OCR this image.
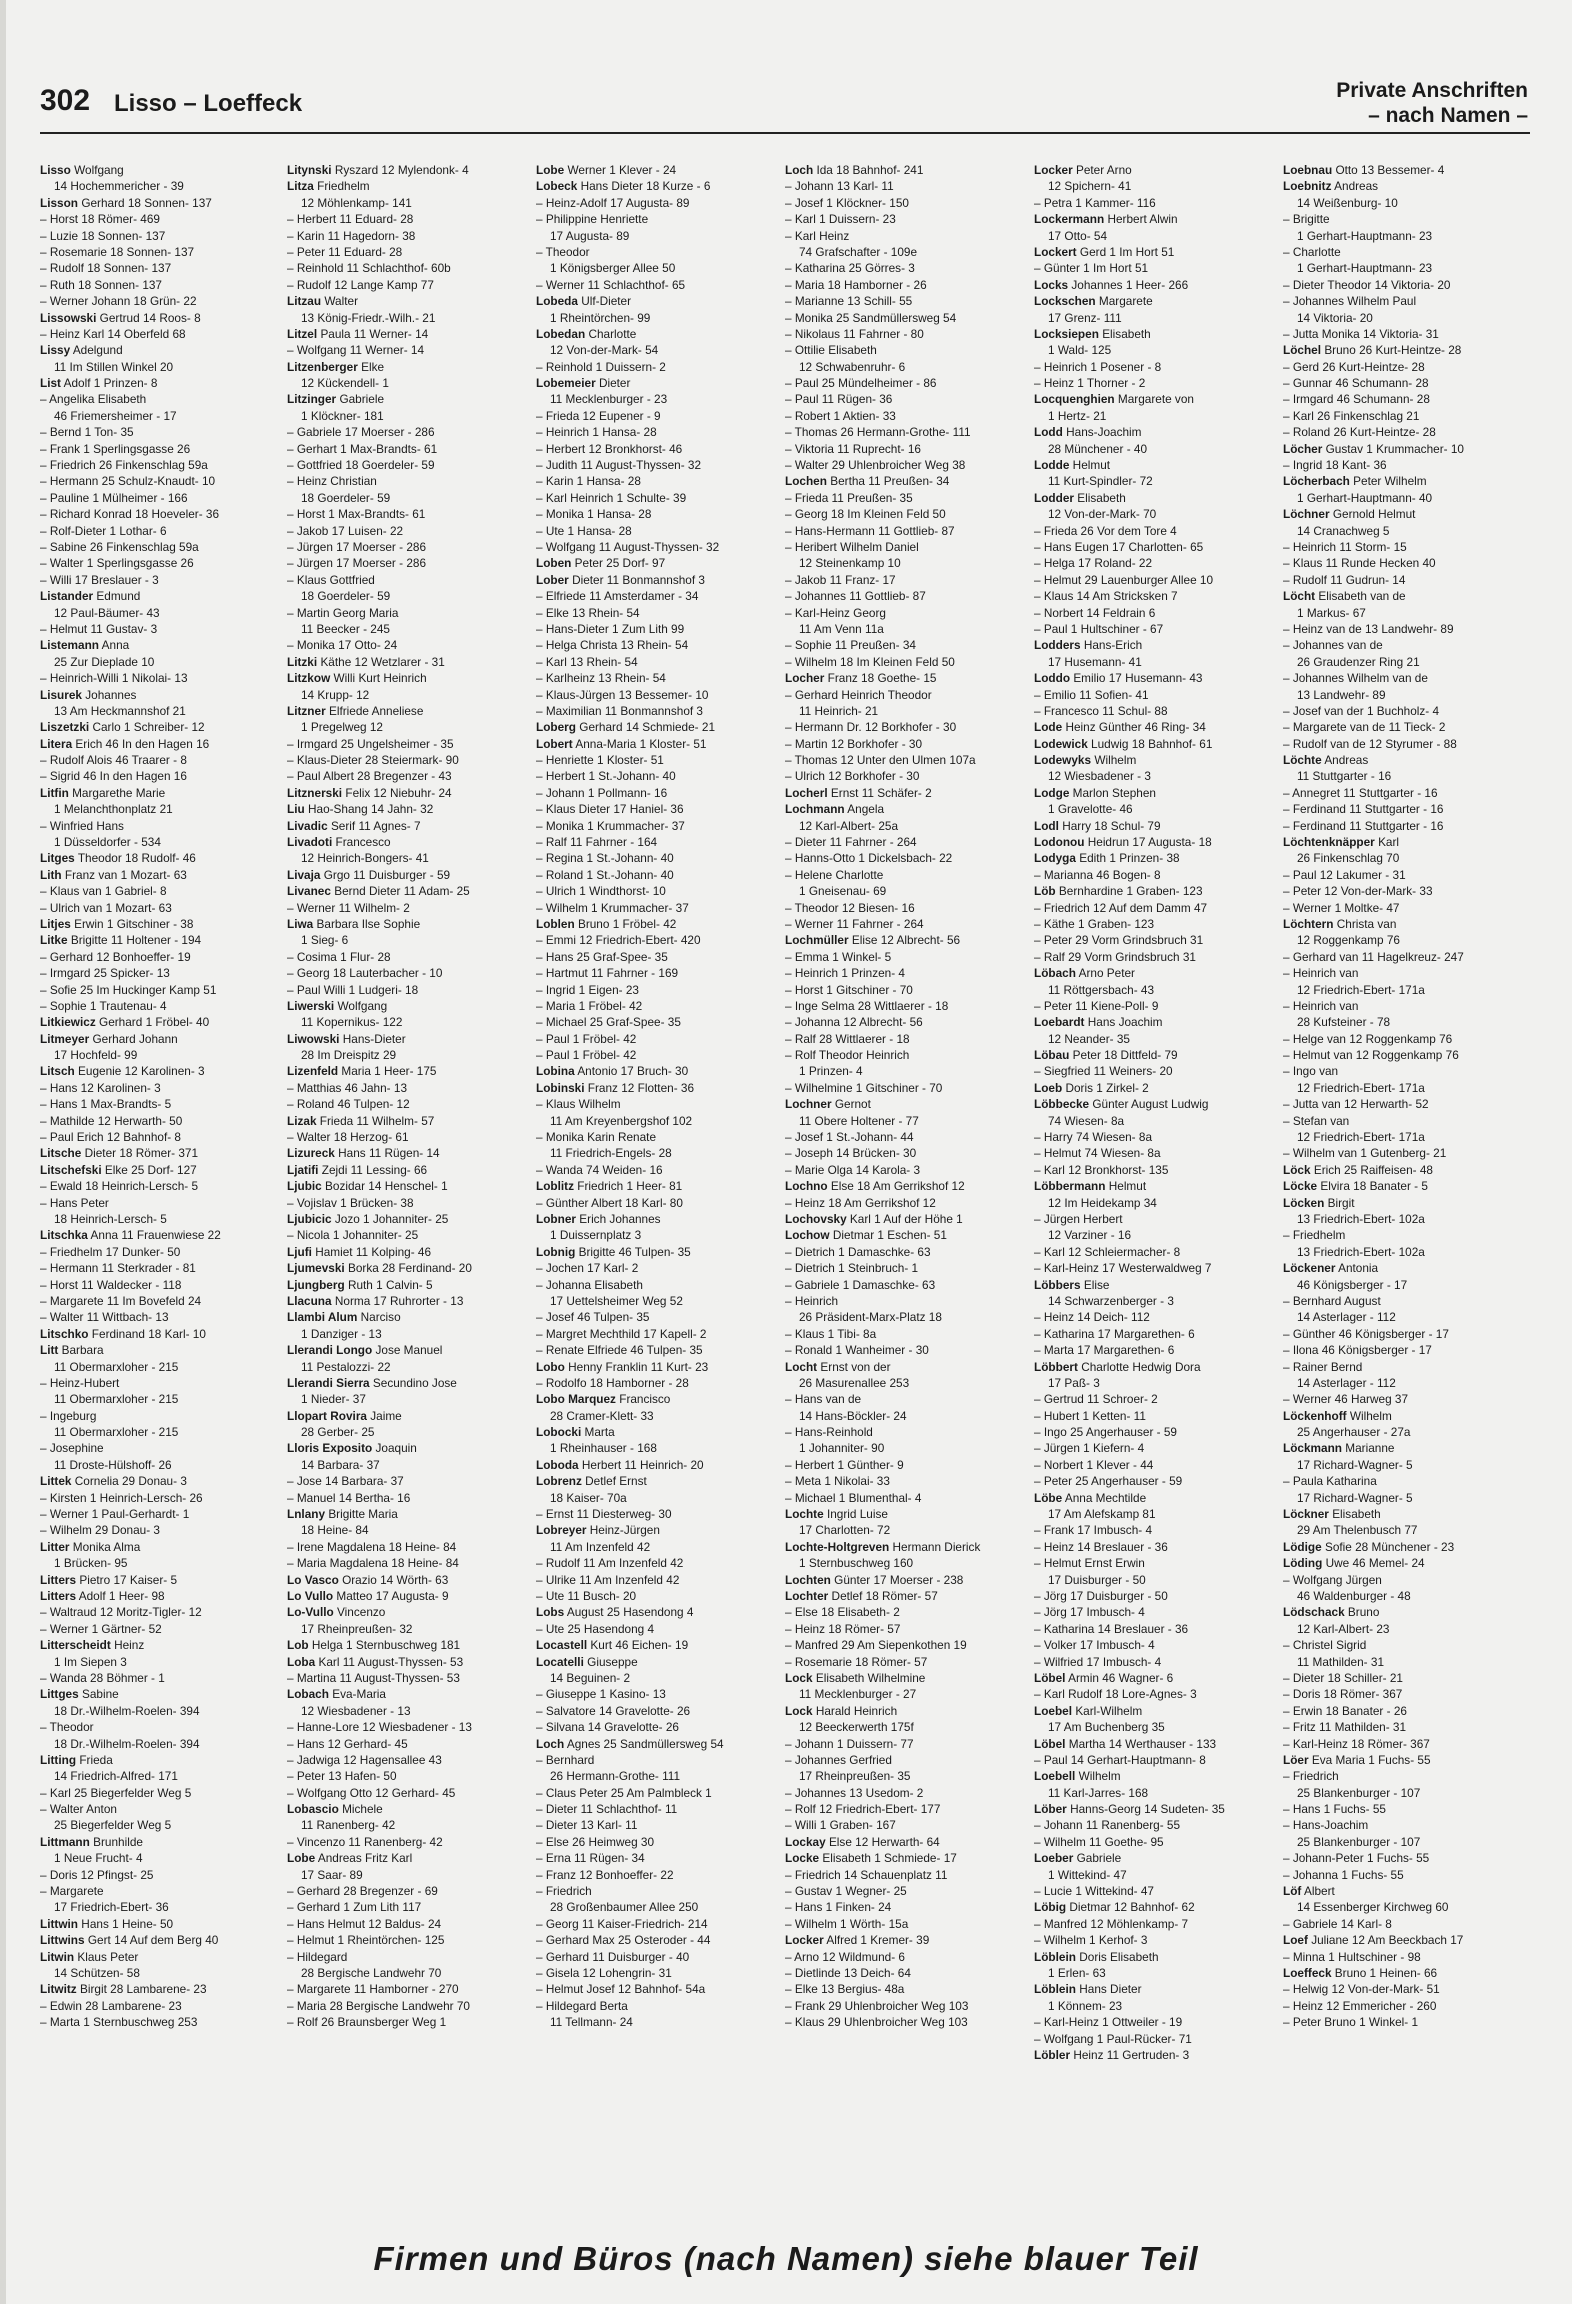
302 Lisso – Loeffeck	Private Anschriften
– nach Namen –
Lisso Wolfgang
14 Hochemmericher - 39
Lisson Gerhard 18 Sonnen- 137
– Horst 18 Römer- 469
– Luzie 18 Sonnen- 137
– Rosemarie 18 Sonnen- 137
– Rudolf 18 Sonnen- 137
– Ruth 18 Sonnen- 137
– Werner Johann 18 Grün- 22
Lissowski Gertrud 14 Roos- 8
– Heinz Karl 14 Oberfeld 68
Lissy Adelgund
11 Im Stillen Winkel 20
List Adolf 1 Prinzen- 8
– Angelika Elisabeth
46 Friemersheimer - 17
– Bernd 1 Ton- 35
– Frank 1 Sperlingsgasse 26
– Friedrich 26 Finkenschlag 59a
– Hermann 25 Schulz-Knaudt- 10
– Pauline 1 Mülheimer - 166
– Richard Konrad 18 Hoeveler- 36
– Rolf-Dieter 1 Lothar- 6
– Sabine 26 Finkenschlag 59a
– Walter 1 Sperlingsgasse 26
– Willi 17 Breslauer - 3
Listander Edmund
12 Paul-Bäumer- 43
– Helmut 11 Gustav- 3
Listemann Anna
25 Zur Dieplade 10
– Heinrich-Willi 1 Nikolai- 13
Lisurek Johannes
13 Am Heckmannshof 21
Liszetzki Carlo 1 Schreiber- 12
Litera Erich 46 In den Hagen 16
– Rudolf Alois 46 Traarer - 8
– Sigrid 46 In den Hagen 16
Litfin Margarethe Marie
1 Melanchthonplatz 21
– Winfried Hans
1 Düsseldorfer - 534
Litges Theodor 18 Rudolf- 46
Lith Franz van 1 Mozart- 63
– Klaus van 1 Gabriel- 8
– Ulrich van 1 Mozart- 63
Litjes Erwin 1 Gitschiner - 38
Litke Brigitte 11 Holtener - 194
– Gerhard 12 Bonhoeffer- 19
– Irmgard 25 Spicker- 13
– Sofie 25 Im Huckinger Kamp 51
– Sophie 1 Trautenau- 4
Litkiewicz Gerhard 1 Fröbel- 40
Litmeyer Gerhard Johann
17 Hochfeld- 99
Litsch Eugenie 12 Karolinen- 3
– Hans 12 Karolinen- 3
– Hans 1 Max-Brandts- 5
– Mathilde 12 Herwarth- 50
– Paul Erich 12 Bahnhof- 8
Litsche Dieter 18 Römer- 371
Litschefski Elke 25 Dorf- 127
– Ewald 18 Heinrich-Lersch- 5
– Hans Peter
18 Heinrich-Lersch- 5
Litschka Anna 11 Frauenwiese 22
– Friedhelm 17 Dunker- 50
– Hermann 11 Sterkrader - 81
– Horst 11 Waldecker - 118
– Margarete 11 Im Bovefeld 24
– Walter 11 Wittbach- 13
Litschko Ferdinand 18 Karl- 10
Litt Barbara
11 Obermarxloher - 215
– Heinz-Hubert
11 Obermarxloher - 215
– Ingeburg
11 Obermarxloher - 215
– Josephine
11 Droste-Hülshoff- 26
Littek Cornelia 29 Donau- 3
– Kirsten 1 Heinrich-Lersch- 26
– Werner 1 Paul-Gerhardt- 1
– Wilhelm 29 Donau- 3
Litter Monika Alma
1 Brücken- 95
Litters Pietro 17 Kaiser- 5
Litters Adolf 1 Heer- 98
– Waltraud 12 Moritz-Tigler- 12
– Werner 1 Gärtner- 52
Litterscheidt Heinz
1 Im Siepen 3
– Wanda 28 Böhmer - 1
Littges Sabine
18 Dr.-Wilhelm-Roelen- 394
– Theodor
18 Dr.-Wilhelm-Roelen- 394
Litting Frieda
14 Friedrich-Alfred- 171
– Karl 25 Biegerfelder Weg 5
– Walter Anton
25 Biegerfelder Weg 5
Littmann Brunhilde
1 Neue Frucht- 4
– Doris 12 Pfingst- 25
– Margarete
17 Friedrich-Ebert- 36
Littwin Hans 1 Heine- 50
Littwins Gert 14 Auf dem Berg 40
Litwin Klaus Peter
14 Schützen- 58
Litwitz Birgit 28 Lambarene- 23
– Edwin 28 Lambarene- 23
– Marta 1 Sternbuschweg 253
Litynski Ryszard 12 Mylendonk- 4
Litza Friedhelm
12 Möhlenkamp- 141
– Herbert 11 Eduard- 28
– Karin 11 Hagedorn- 38
– Peter 11 Eduard- 28
– Reinhold 11 Schlachthof- 60b
– Rudolf 12 Lange Kamp 77
Litzau Walter
13 König-Friedr.-Wilh.- 21
Litzel Paula 11 Werner- 14
– Wolfgang 11 Werner- 14
Litzenberger Elke
12 Kückendell- 1
Litzinger Gabriele
1 Klöckner- 181
– Gabriele 17 Moerser - 286
– Gerhart 1 Max-Brandts- 61
– Gottfried 18 Goerdeler- 59
– Heinz Christian
18 Goerdeler- 59
– Horst 1 Max-Brandts- 61
– Jakob 17 Luisen- 22
– Jürgen 17 Moerser - 286
– Jürgen 17 Moerser - 286
– Klaus Gottfried
18 Goerdeler- 59
– Martin Georg Maria
11 Beecker - 245
– Monika 17 Otto- 24
Litzki Käthe 12 Wetzlarer - 31
Litzkow Willi Kurt Heinrich
14 Krupp- 12
Litzner Elfriede Anneliese
1 Pregelweg 12
– Irmgard 25 Ungelsheimer - 35
– Klaus-Dieter 28 Steiermark- 90
– Paul Albert 28 Bregenzer - 43
Litznerski Felix 12 Niebuhr- 24
Liu Hao-Shang 14 Jahn- 32
Livadic Serif 11 Agnes- 7
Livadoti Francesco
12 Heinrich-Bongers- 41
Livaja Grgo 11 Duisburger - 59
Livanec Bernd Dieter 11 Adam- 25
– Werner 11 Wilhelm- 2
Liwa Barbara Ilse Sophie
1 Sieg- 6
– Cosima 1 Flur- 28
– Georg 18 Lauterbacher - 10
– Paul Willi 1 Ludgeri- 18
Liwerski Wolfgang
11 Kopernikus- 122
Liwowski Hans-Dieter
28 Im Dreispitz 29
Lizenfeld Maria 1 Heer- 175
– Matthias 46 Jahn- 13
– Roland 46 Tulpen- 12
Lizak Frieda 11 Wilhelm- 57
– Walter 18 Herzog- 61
Lizureck Hans 11 Rügen- 14
Ljatifi Zejdi 11 Lessing- 66
Ljubic Bozidar 14 Henschel- 1
– Vojislav 1 Brücken- 38
Ljubicic Jozo 1 Johanniter- 25
– Nicola 1 Johanniter- 25
Ljufi Hamiet 11 Kolping- 46
Ljumevski Borka 28 Ferdinand- 20
Ljungberg Ruth 1 Calvin- 5
Llacuna Norma 17 Ruhrorter - 13
Llambi Alum Narciso
1 Danziger - 13
Llerandi Longo Jose Manuel
11 Pestalozzi- 22
Llerandi Sierra Secundino Jose
1 Nieder- 37
Llopart Rovira Jaime
28 Gerber- 25
Lloris Exposito Joaquin
14 Barbara- 37
– Jose 14 Barbara- 37
– Manuel 14 Bertha- 16
Lnlany Brigitte Maria
18 Heine- 84
– Irene Magdalena 18 Heine- 84
– Maria Magdalena 18 Heine- 84
Lo Vasco Orazio 14 Wörth- 63
Lo Vullo Matteo 17 Augusta- 9
Lo-Vullo Vincenzo
17 Rheinpreußen- 32
Lob Helga 1 Sternbuschweg 181
Loba Karl 11 August-Thyssen- 53
– Martina 11 August-Thyssen- 53
Lobach Eva-Maria
12 Wiesbadener - 13
– Hanne-Lore 12 Wiesbadener - 13
– Hans 12 Gerhard- 45
– Jadwiga 12 Hagensallee 43
– Peter 13 Hafen- 50
– Wolfgang Otto 12 Gerhard- 45
Lobascio Michele
11 Ranenberg- 42
– Vincenzo 11 Ranenberg- 42
Lobe Andreas Fritz Karl
17 Saar- 89
– Gerhard 28 Bregenzer - 69
– Gerhard 1 Zum Lith 117
– Hans Helmut 12 Baldus- 24
– Helmut 1 Rheintörchen- 125
– Hildegard
28 Bergische Landwehr 70
– Margarete 11 Hamborner - 270
– Maria 28 Bergische Landwehr 70
– Rolf 26 Braunsberger Weg 1
Lobe Werner 1 Klever - 24
Lobeck Hans Dieter 18 Kurze - 6
– Heinz-Adolf 17 Augusta- 89
– Philippine Henriette
17 Augusta- 89
– Theodor
1 Königsberger Allee 50
– Werner 11 Schlachthof- 65
Lobeda Ulf-Dieter
1 Rheintörchen- 99
Lobedan Charlotte
12 Von-der-Mark- 54
– Reinhold 1 Duissern- 2
Lobemeier Dieter
11 Mecklenburger - 23
– Frieda 12 Eupener - 9
– Heinrich 1 Hansa- 28
– Herbert 12 Bronkhorst- 46
– Judith 11 August-Thyssen- 32
– Karin 1 Hansa- 28
– Karl Heinrich 1 Schulte- 39
– Monika 1 Hansa- 28
– Ute 1 Hansa- 28
– Wolfgang 11 August-Thyssen- 32
Loben Peter 25 Dorf- 97
Lober Dieter 11 Bonmannshof 3
– Elfriede 11 Amsterdamer - 34
– Elke 13 Rhein- 54
– Hans-Dieter 1 Zum Lith 99
– Helga Christa 13 Rhein- 54
– Karl 13 Rhein- 54
– Karlheinz 13 Rhein- 54
– Klaus-Jürgen 13 Bessemer- 10
– Maximilian 11 Bonmannshof 3
Loberg Gerhard 14 Schmiede- 21
Lobert Anna-Maria 1 Kloster- 51
– Henriette 1 Kloster- 51
– Herbert 1 St.-Johann- 40
– Johann 1 Pollmann- 16
– Klaus Dieter 17 Haniel- 36
– Monika 1 Krummacher- 37
– Ralf 11 Fahrner - 164
– Regina 1 St.-Johann- 40
– Roland 1 St.-Johann- 40
– Ulrich 1 Windthorst- 10
– Wilhelm 1 Krummacher- 37
Loblen Bruno 1 Fröbel- 42
– Emmi 12 Friedrich-Ebert- 420
– Hans 25 Graf-Spee- 35
– Hartmut 11 Fahrner - 169
– Ingrid 1 Eigen- 23
– Maria 1 Fröbel- 42
– Michael 25 Graf-Spee- 35
– Paul 1 Fröbel- 42
– Paul 1 Fröbel- 42
Lobina Antonio 17 Bruch- 30
Lobinski Franz 12 Flotten- 36
– Klaus Wilhelm
11 Am Kreyenbergshof 102
– Monika Karin Renate
11 Friedrich-Engels- 28
– Wanda 74 Weiden- 16
Loblitz Friedrich 1 Heer- 81
– Günther Albert 18 Karl- 80
Lobner Erich Johannes
1 Duissernplatz 3
Lobnig Brigitte 46 Tulpen- 35
– Jochen 17 Karl- 2
– Johanna Elisabeth
17 Uettelsheimer Weg 52
– Josef 46 Tulpen- 35
– Margret Mechthild 17 Kapell- 2
– Renate Elfriede 46 Tulpen- 35
Lobo Henny Franklin 11 Kurt- 23
– Rodolfo 18 Hamborner - 28
Lobo Marquez Francisco
28 Cramer-Klett- 33
Lobocki Marta
1 Rheinhauser - 168
Loboda Herbert 11 Heinrich- 20
Lobrenz Detlef Ernst
18 Kaiser- 70a
– Ernst 11 Diesterweg- 30
Lobreyer Heinz-Jürgen
11 Am Inzenfeld 42
– Rudolf 11 Am Inzenfeld 42
– Ulrike 11 Am Inzenfeld 42
– Ute 11 Busch- 20
Lobs August 25 Hasendong 4
– Ute 25 Hasendong 4
Locastell Kurt 46 Eichen- 19
Locatelli Giuseppe
14 Beguinen- 2
– Giuseppe 1 Kasino- 13
– Salvatore 14 Gravelotte- 26
– Silvana 14 Gravelotte- 26
Loch Agnes 25 Sandmüllersweg 54
– Bernhard
26 Hermann-Grothe- 111
– Claus Peter 25 Am Palmbleck 1
– Dieter 11 Schlachthof- 11
– Dieter 13 Karl- 11
– Else 26 Heimweg 30
– Erna 11 Rügen- 34
– Franz 12 Bonhoeffer- 22
– Friedrich
28 Großenbaumer Allee 250
– Georg 11 Kaiser-Friedrich- 214
– Gerhard Max 25 Osteroder - 44
– Gerhard 11 Duisburger - 40
– Gisela 12 Lohengrin- 31
– Helmut Josef 12 Bahnhof- 54a
– Hildegard Berta
11 Tellmann- 24
Loch Ida 18 Bahnhof- 241
– Johann 13 Karl- 11
– Josef 1 Klöckner- 150
– Karl 1 Duissern- 23
– Karl Heinz
74 Grafschafter - 109e
– Katharina 25 Görres- 3
– Maria 18 Hamborner - 26
– Marianne 13 Schill- 55
– Monika 25 Sandmüllersweg 54
– Nikolaus 11 Fahrner - 80
– Ottilie Elisabeth
12 Schwabenruhr- 6
– Paul 25 Mündelheimer - 86
– Paul 11 Rügen- 36
– Robert 1 Aktien- 33
– Thomas 26 Hermann-Grothe- 111
– Viktoria 11 Ruprecht- 16
– Walter 29 Uhlenbroicher Weg 38
Lochen Bertha 11 Preußen- 34
– Frieda 11 Preußen- 35
– Georg 18 Im Kleinen Feld 50
– Hans-Hermann 11 Gottlieb- 87
– Heribert Wilhelm Daniel
12 Steinenkamp 10
– Jakob 11 Franz- 17
– Johannes 11 Gottlieb- 87
– Karl-Heinz Georg
11 Am Venn 11a
– Sophie 11 Preußen- 34
– Wilhelm 18 Im Kleinen Feld 50
Locher Franz 18 Goethe- 15
– Gerhard Heinrich Theodor
11 Heinrich- 21
– Hermann Dr. 12 Borkhofer - 30
– Martin 12 Borkhofer - 30
– Thomas 12 Unter den Ulmen 107a
– Ulrich 12 Borkhofer - 30
Locherl Ernst 11 Schäfer- 2
Lochmann Angela
12 Karl-Albert- 25a
– Dieter 11 Fahrner - 264
– Hanns-Otto 1 Dickelsbach- 22
– Helene Charlotte
1 Gneisenau- 69
– Theodor 12 Biesen- 16
– Werner 11 Fahrner - 264
Lochmüller Elise 12 Albrecht- 56
– Emma 1 Winkel- 5
– Heinrich 1 Prinzen- 4
– Horst 1 Gitschiner - 70
– Inge Selma 28 Wittlaerer - 18
– Johanna 12 Albrecht- 56
– Ralf 28 Wittlaerer - 18
– Rolf Theodor Heinrich
1 Prinzen- 4
– Wilhelmine 1 Gitschiner - 70
Lochner Gernot
11 Obere Holtener - 77
– Josef 1 St.-Johann- 44
– Joseph 14 Brücken- 30
– Marie Olga 14 Karola- 3
Lochno Else 18 Am Gerrikshof 12
– Heinz 18 Am Gerrikshof 12
Lochovsky Karl 1 Auf der Höhe 1
Lochow Dietmar 1 Eschen- 51
– Dietrich 1 Damaschke- 63
– Dietrich 1 Steinbruch- 1
– Gabriele 1 Damaschke- 63
– Heinrich
26 Präsident-Marx-Platz 18
– Klaus 1 Tibi- 8a
– Ronald 1 Wanheimer - 30
Locht Ernst von der
26 Masurenallee 253
– Hans van de
14 Hans-Böckler- 24
– Hans-Reinhold
1 Johanniter- 90
– Herbert 1 Günther- 9
– Meta 1 Nikolai- 33
– Michael 1 Blumenthal- 4
Lochte Ingrid Luise
17 Charlotten- 72
Lochte-Holtgreven Hermann Dierick
1 Sternbuschweg 160
Lochten Günter 17 Moerser - 238
Lochter Detlef 18 Römer- 57
– Else 18 Elisabeth- 2
– Heinz 18 Römer- 57
– Manfred 29 Am Siepenkothen 19
– Rosemarie 18 Römer- 57
Lock Elisabeth Wilhelmine
11 Mecklenburger - 27
Lock Harald Heinrich
12 Beeckerwerth 175f
– Johann 1 Duissern- 77
– Johannes Gerfried
17 Rheinpreußen- 35
– Johannes 13 Usedom- 2
– Rolf 12 Friedrich-Ebert- 177
– Willi 1 Graben- 167
Lockay Else 12 Herwarth- 64
Locke Elisabeth 1 Schmiede- 17
– Friedrich 14 Schauenplatz 11
– Gustav 1 Wegner- 25
– Hans 1 Finken- 24
– Wilhelm 1 Wörth- 15a
Locker Alfred 1 Kremer- 39
– Arno 12 Wildmund- 6
– Dietlinde 13 Deich- 64
– Elke 13 Bergius- 48a
– Frank 29 Uhlenbroicher Weg 103
– Klaus 29 Uhlenbroicher Weg 103
Locker Peter Arno
12 Spichern- 41
– Petra 1 Kammer- 116
Lockermann Herbert Alwin
17 Otto- 54
Lockert Gerd 1 Im Hort 51
– Günter 1 Im Hort 51
Locks Johannes 1 Heer- 266
Lockschen Margarete
17 Grenz- 111
Locksiepen Elisabeth
1 Wald- 125
– Heinrich 1 Posener - 8
– Heinz 1 Thorner - 2
Locquenghien Margarete von
1 Hertz- 21
Lodd Hans-Joachim
28 Münchener - 40
Lodde Helmut
11 Kurt-Spindler- 72
Lodder Elisabeth
12 Von-der-Mark- 70
– Frieda 26 Vor dem Tore 4
– Hans Eugen 17 Charlotten- 65
– Helga 17 Roland- 22
– Helmut 29 Lauenburger Allee 10
– Klaus 14 Am Stricksken 7
– Norbert 14 Feldrain 6
– Paul 1 Hultschiner - 67
Lodders Hans-Erich
17 Husemann- 41
Loddo Emilio 17 Husemann- 43
– Emilio 11 Sofien- 41
– Francesco 11 Schul- 88
Lode Heinz Günther 46 Ring- 34
Lodewick Ludwig 18 Bahnhof- 61
Lodewyks Wilhelm
12 Wiesbadener - 3
Lodge Marlon Stephen
1 Gravelotte- 46
Lodl Harry 18 Schul- 79
Lodonou Heidrun 17 Augusta- 18
Lodyga Edith 1 Prinzen- 38
– Marianna 46 Bogen- 8
Löb Bernhardine 1 Graben- 123
– Friedrich 12 Auf dem Damm 47
– Käthe 1 Graben- 123
– Peter 29 Vorm Grindsbruch 31
– Ralf 29 Vorm Grindsbruch 31
Löbach Arno Peter
11 Röttgersbach- 43
– Peter 11 Kiene-Poll- 9
Loebardt Hans Joachim
12 Neander- 35
Löbau Peter 18 Dittfeld- 79
– Siegfried 11 Weiners- 20
Loeb Doris 1 Zirkel- 2
Löbbecke Günter August Ludwig
74 Wiesen- 8a
– Harry 74 Wiesen- 8a
– Helmut 74 Wiesen- 8a
– Karl 12 Bronkhorst- 135
Löbbermann Helmut
12 Im Heidekamp 34
– Jürgen Herbert
12 Varziner - 16
– Karl 12 Schleiermacher- 8
– Karl-Heinz 17 Westerwaldweg 7
Löbbers Elise
14 Schwarzenberger - 3
– Heinz 14 Deich- 112
– Katharina 17 Margarethen- 6
– Marta 17 Margarethen- 6
Löbbert Charlotte Hedwig Dora
17 Paß- 3
– Gertrud 11 Schroer- 2
– Hubert 1 Ketten- 11
– Ingo 25 Angerhauser - 59
– Jürgen 1 Kiefern- 4
– Norbert 1 Klever - 44
– Peter 25 Angerhauser - 59
Löbe Anna Mechtilde
17 Am Alefskamp 81
– Frank 17 Imbusch- 4
– Heinz 14 Breslauer - 36
– Helmut Ernst Erwin
17 Duisburger - 50
– Jörg 17 Duisburger - 50
– Jörg 17 Imbusch- 4
– Katharina 14 Breslauer - 36
– Volker 17 Imbusch- 4
– Wilfried 17 Imbusch- 4
Löbel Armin 46 Wagner- 6
– Karl Rudolf 18 Lore-Agnes- 3
Loebel Karl-Wilhelm
17 Am Buchenberg 35
Löbel Martha 14 Werthauser - 133
– Paul 14 Gerhart-Hauptmann- 8
Loebell Wilhelm
11 Karl-Jarres- 168
Löber Hanns-Georg 14 Sudeten- 35
– Johann 11 Ranenberg- 55
– Wilhelm 11 Goethe- 95
Loeber Gabriele
1 Wittekind- 47
– Lucie 1 Wittekind- 47
Löbig Dietmar 12 Bahnhof- 62
– Manfred 12 Möhlenkamp- 7
– Wilhelm 1 Kerhof- 3
Löblein Doris Elisabeth
1 Erlen- 63
Löblein Hans Dieter
1 Könnem- 23
– Karl-Heinz 1 Ottweiler - 19
– Wolfgang 1 Paul-Rücker- 71
Löbler Heinz 11 Gertruden- 3
Loebnau Otto 13 Bessemer- 4
Loebnitz Andreas
14 Weißenburg- 10
– Brigitte
1 Gerhart-Hauptmann- 23
– Charlotte
1 Gerhart-Hauptmann- 23
– Dieter Theodor 14 Viktoria- 20
– Johannes Wilhelm Paul
14 Viktoria- 20
– Jutta Monika 14 Viktoria- 31
Löchel Bruno 26 Kurt-Heintze- 28
– Gerd 26 Kurt-Heintze- 28
– Gunnar 46 Schumann- 28
– Irmgard 46 Schumann- 28
– Karl 26 Finkenschlag 21
– Roland 26 Kurt-Heintze- 28
Löcher Gustav 1 Krummacher- 10
– Ingrid 18 Kant- 36
Löcherbach Peter Wilhelm
1 Gerhart-Hauptmann- 40
Löchner Gernold Helmut
14 Cranachweg 5
– Heinrich 11 Storm- 15
– Klaus 11 Runde Hecken 40
– Rudolf 11 Gudrun- 14
Löcht Elisabeth van de
1 Markus- 67
– Heinz van de 13 Landwehr- 89
– Johannes van de
26 Graudenzer Ring 21
– Johannes Wilhelm van de
13 Landwehr- 89
– Josef van der 1 Buchholz- 4
– Margarete van de 11 Tieck- 2
– Rudolf van de 12 Styrumer - 88
Löchte Andreas
11 Stuttgarter - 16
– Annegret 11 Stuttgarter - 16
– Ferdinand 11 Stuttgarter - 16
– Ferdinand 11 Stuttgarter - 16
Löchtenknäpper Karl
26 Finkenschlag 70
– Paul 12 Lakumer - 31
– Peter 12 Von-der-Mark- 33
– Werner 1 Moltke- 47
Löchtern Christa van
12 Roggenkamp 76
– Gerhard van 11 Hagelkreuz- 247
– Heinrich van
12 Friedrich-Ebert- 171a
– Heinrich van
28 Kufsteiner - 78
– Helge van 12 Roggenkamp 76
– Helmut van 12 Roggenkamp 76
– Ingo van
12 Friedrich-Ebert- 171a
– Jutta van 12 Herwarth- 52
– Stefan van
12 Friedrich-Ebert- 171a
– Wilhelm van 1 Gutenberg- 21
Löck Erich 25 Raiffeisen- 48
Löcke Elvira 18 Banater - 5
Löcken Birgit
13 Friedrich-Ebert- 102a
– Friedhelm
13 Friedrich-Ebert- 102a
Löckener Antonia
46 Königsberger - 17
– Bernhard August
14 Asterlager - 112
– Günther 46 Königsberger - 17
– Ilona 46 Königsberger - 17
– Rainer Bernd
14 Asterlager - 112
– Werner 46 Harweg 37
Löckenhoff Wilhelm
25 Angerhauser - 27a
Löckmann Marianne
17 Richard-Wagner- 5
– Paula Katharina
17 Richard-Wagner- 5
Löckner Elisabeth
29 Am Thelenbusch 77
Lödige Sofie 28 Münchener - 23
Löding Uwe 46 Memel- 24
– Wolfgang Jürgen
46 Waldenburger - 48
Lödschack Bruno
12 Karl-Albert- 23
– Christel Sigrid
11 Mathilden- 31
– Dieter 18 Schiller- 21
– Doris 18 Römer- 367
– Erwin 18 Banater - 26
– Fritz 11 Mathilden- 31
– Karl-Heinz 18 Römer- 367
Löer Eva Maria 1 Fuchs- 55
– Friedrich
25 Blankenburger - 107
– Hans 1 Fuchs- 55
– Hans-Joachim
25 Blankenburger - 107
– Johann-Peter 1 Fuchs- 55
– Johanna 1 Fuchs- 55
Löf Albert
14 Essenberger Kirchweg 60
– Gabriele 14 Karl- 8
Loef Juliane 12 Am Beeckbach 17
– Minna 1 Hultschiner - 98
Loeffeck Bruno 1 Heinen- 66
– Helwig 12 Von-der-Mark- 51
– Heinz 12 Emmericher - 260
– Peter Bruno 1 Winkel- 1
Firmen und Büros (nach Namen) siehe blauer Teil
